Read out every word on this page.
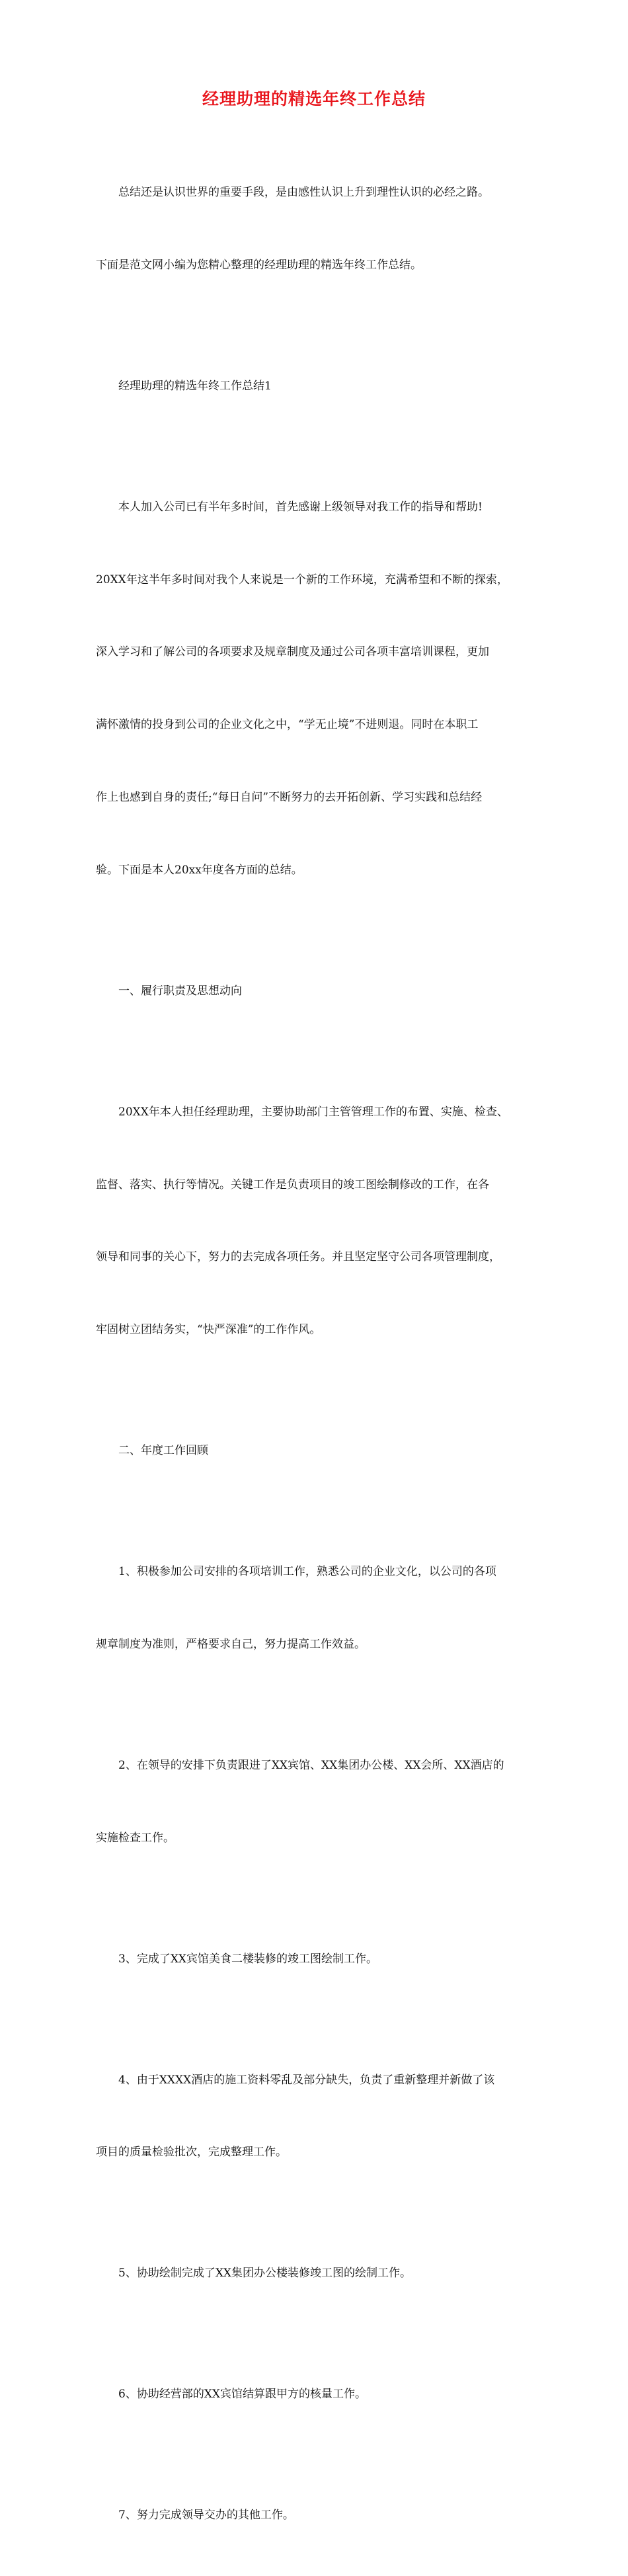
经理助理的精选年终工作总结

总结还是认识世界的重要手段，是由感性认识上升到理性认识的必经之路。

下面是范文网小编为您精心整理的经理助理的精选年终工作总结。

经理助理的精选年终工作总结1

本人加入公司已有半年多时间，首先感谢上级领导对我工作的指导和帮助!

20XX年这半年多时间对我个人来说是一个新的工作环境，充满希望和不断的探索，

深入学习和了解公司的各项要求及规章制度及通过公司各项丰富培训课程，更加

满怀激情的投身到公司的企业文化之中，“学无止境”不进则退。同时在本职工

作上也感到自身的责任;“每日自问”不断努力的去开拓创新、学习实践和总结经

验。下面是本人20xx年度各方面的总结。

一、履行职责及思想动向

20XX年本人担任经理助理，主要协助部门主管管理工作的布置、实施、检查、

监督、落实、执行等情况。关键工作是负责项目的竣工图绘制修改的工作，在各

领导和同事的关心下，努力的去完成各项任务。并且坚定坚守公司各项管理制度，

牢固树立团结务实，“快严深准”的工作作风。

二、年度工作回顾

1、积极参加公司安排的各项培训工作，熟悉公司的企业文化，以公司的各项

规章制度为准则，严格要求自己，努力提高工作效益。

2、在领导的安排下负责跟进了XX宾馆、XX集团办公楼、XX会所、XX酒店的

实施检查工作。

3、完成了XX宾馆美食二楼装修的竣工图绘制工作。

4、由于XXXX酒店的施工资料零乱及部分缺失，负责了重新整理并新做了该

项目的质量检验批次，完成整理工作。

5、协助绘制完成了XX集团办公楼装修竣工图的绘制工作。

6、协助经营部的XX宾馆结算跟甲方的核量工作。

7、努力完成领导交办的其他工作。
